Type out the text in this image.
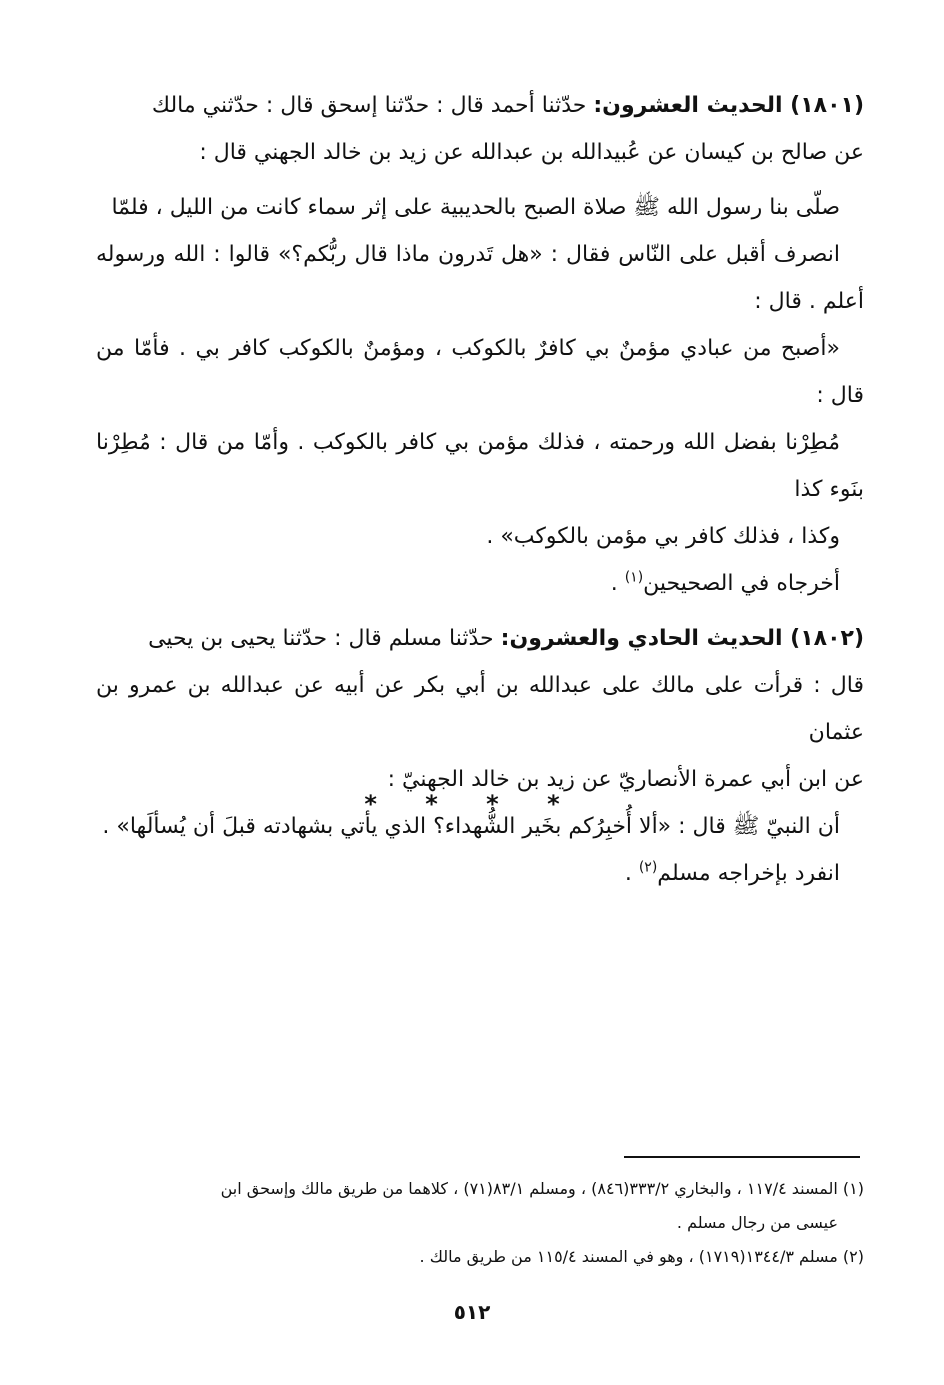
(١٨٠١) الحديث العشرون: حدّثنا أحمد قال : حدّثنا إسحق قال : حدّثني مالك
عن صالح بن كيسان عن عُبيدالله بن عبدالله عن زيد بن خالد الجهني قال :

صلّى بنا رسول الله ﷺ صلاة الصبح بالحديبية على إثر سماء كانت من الليل ، فلمّا
انصرف أقبل على النّاس فقال : «هل تَدرون ماذا قال ربُّكم؟» قالوا : الله ورسوله أعلم . قال :
«أصبح من عبادي مؤمنٌ بي كافرٌ بالكوكب ، ومؤمنٌ بالكوكب كافر بي . فأمّا من قال :
مُطِرْنا بفضل الله ورحمته ، فذلك مؤمن بي كافر بالكوكب . وأمّا من قال : مُطِرْنا بنَوء كذا
وكذا ، فذلك كافر بي مؤمن بالكوكب» .

أخرجاه في الصحيحين$^{(١)}$ .

(١٨٠٢) الحديث الحادي والعشرون: حدّثنا مسلم قال : حدّثنا يحيى بن يحيى
قال : قرأت على مالك على عبدالله بن أبي بكر عن أبيه عن عبدالله بن عمرو بن عثمان
عن ابن أبي عمرة الأنصاريّ عن زيد بن خالد الجهنيّ :

أن النبيّ ﷺ قال : «ألا أُخبِرُكم بخَير الشُّهداء؟ الذي يأتي بشهادته قبلَ أن يُسألَها» .

انفرد بإخراجه مسلم$^{(٢)}$ .

* * * *

(١) المسند ١١٧/٤ ، والبخاري ٣٣٣/٢(٨٤٦) ، ومسلم ٨٣/١(٧١) ، كلاهما من طريق مالك وإسحق ابن

عيسى من رجال مسلم .

(٢) مسلم ١٣٤٤/٣(١٧١٩) ، وهو في المسند ١١٥/٤ من طريق مالك .

٥١٢
